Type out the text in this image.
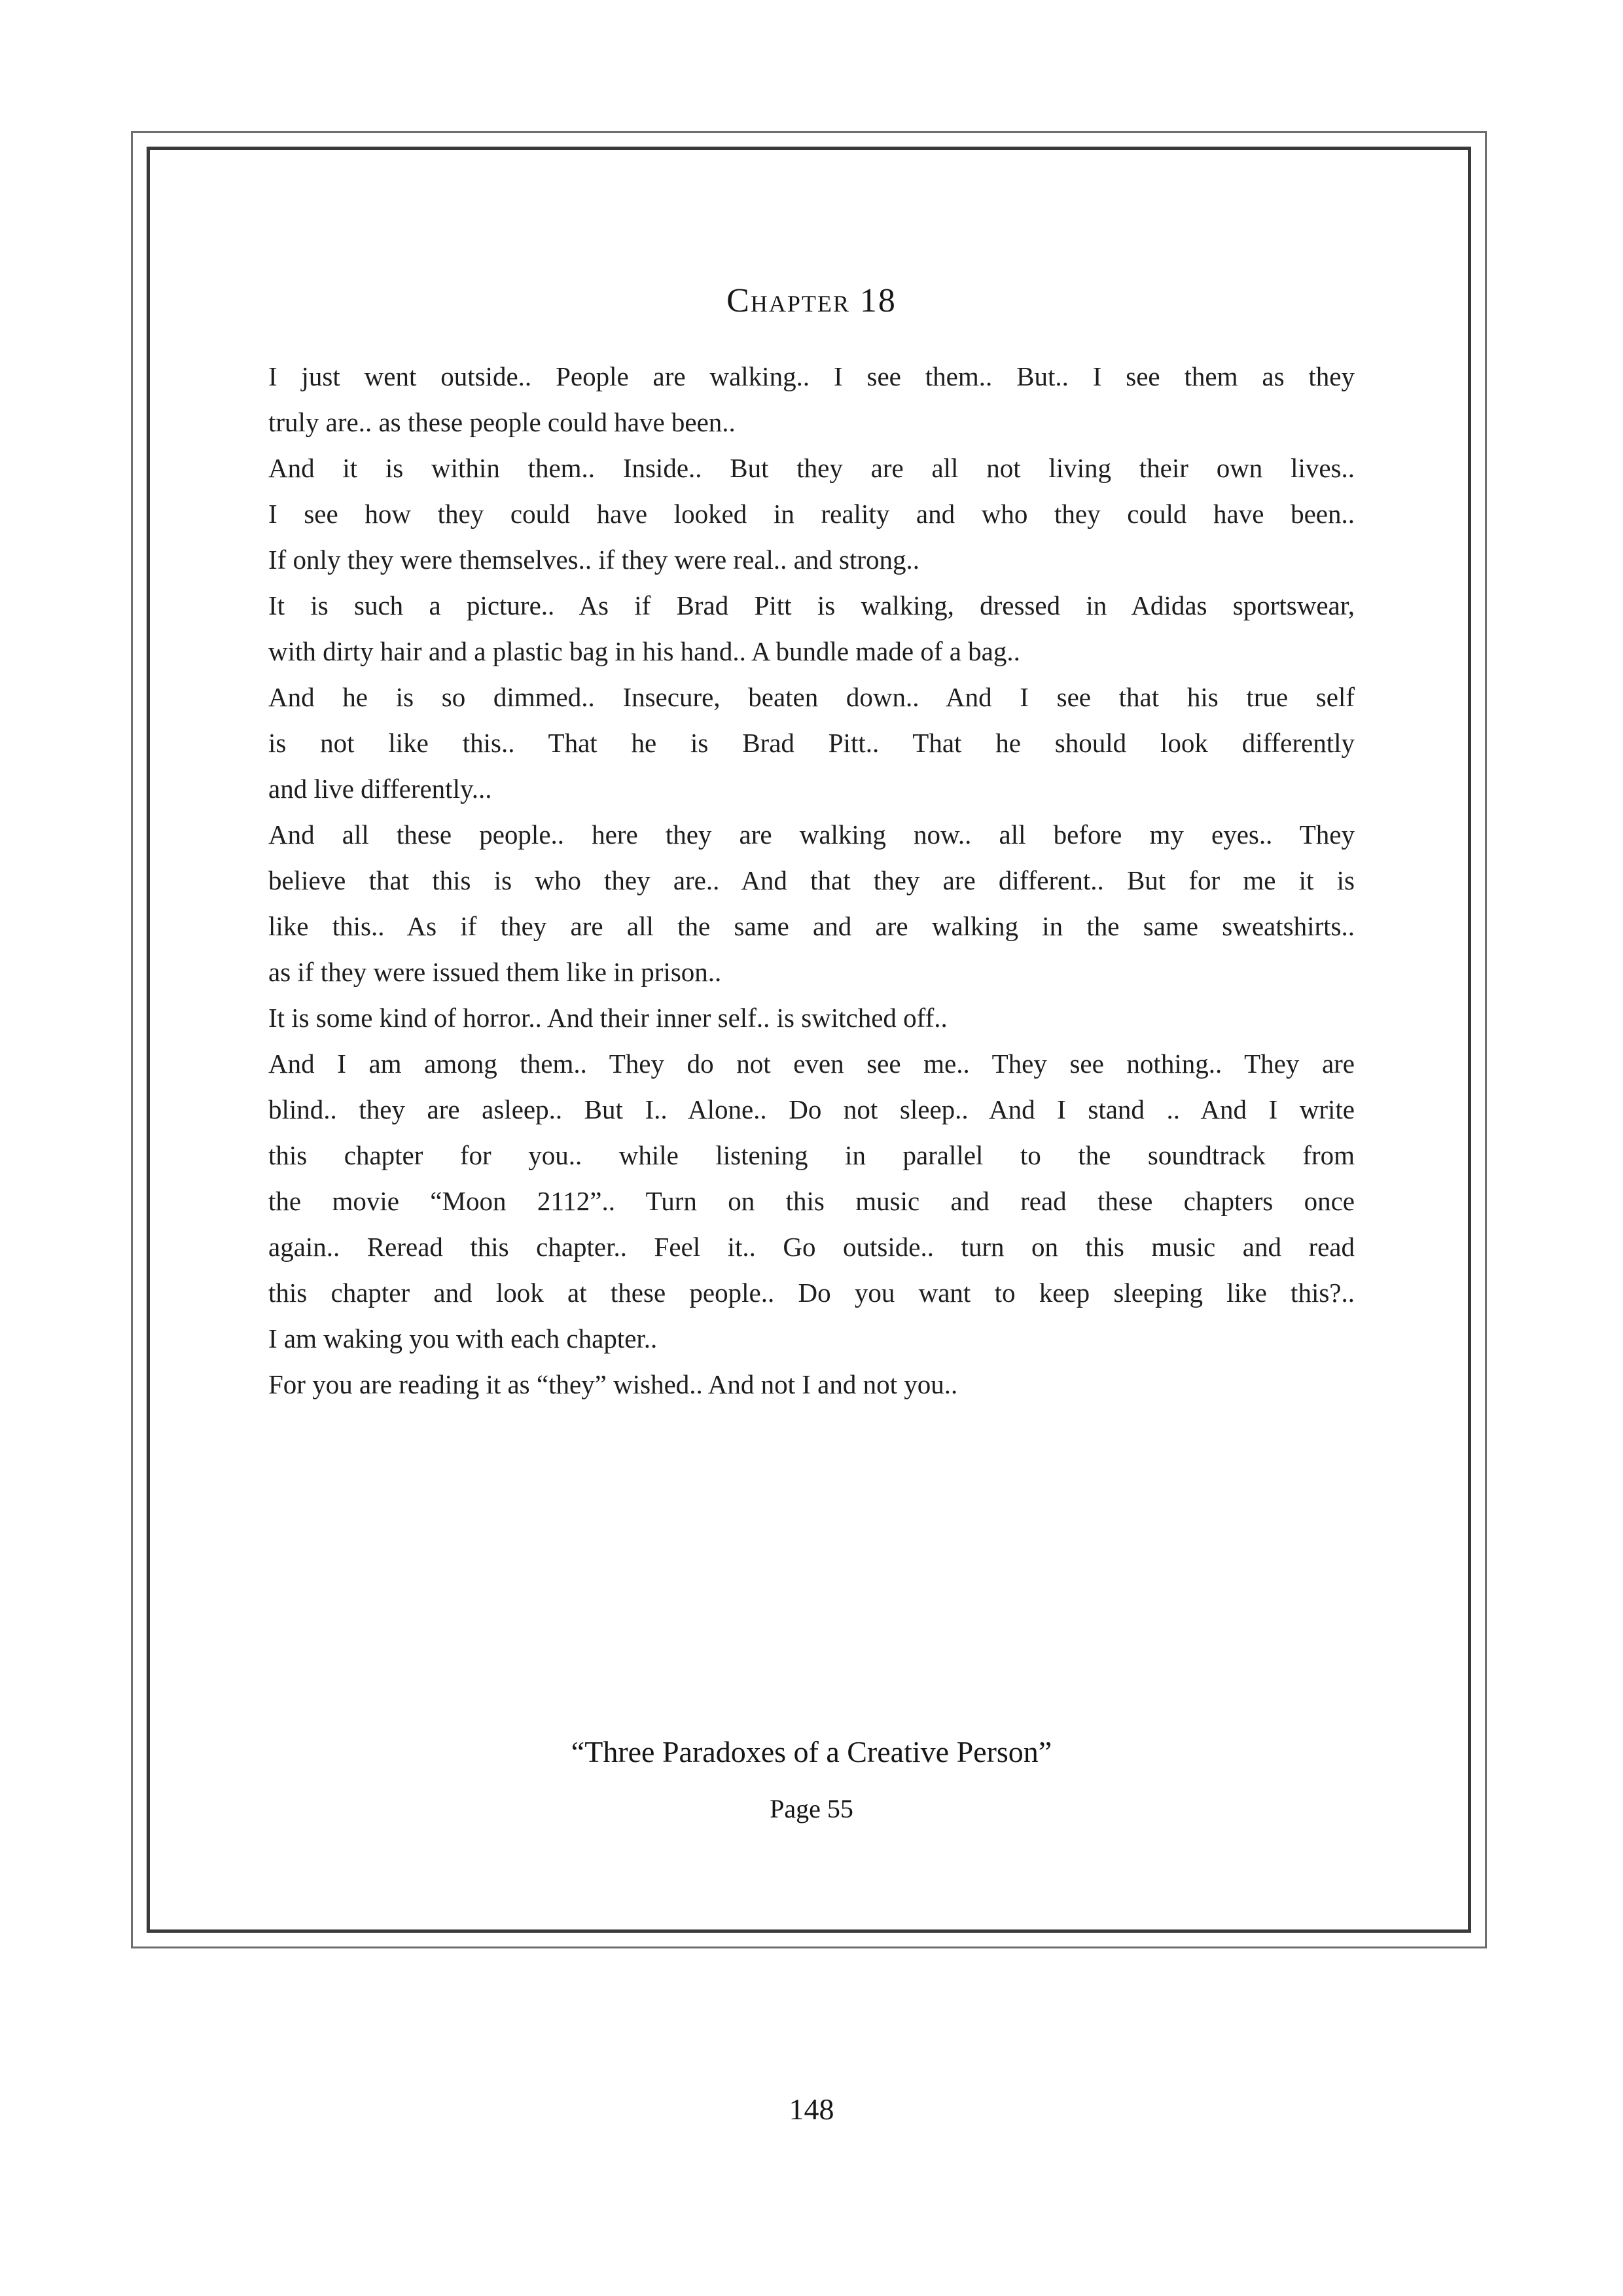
Chapter 18
I just went outside.. People are walking.. I see them.. But.. I see them as they
truly are.. as these people could have been..
And it is within them.. Inside.. But they are all not living their own lives..
I see how they could have looked in reality and who they could have been..
If only they were themselves.. if they were real.. and strong..
It is such a picture.. As if Brad Pitt is walking, dressed in Adidas sportswear,
with dirty hair and a plastic bag in his hand.. A bundle made of a bag..
And he is so dimmed.. Insecure, beaten down.. And I see that his true self
is not like this.. That he is Brad Pitt.. That he should look differently
and live differently...
And all these people.. here they are walking now.. all before my eyes.. They
believe that this is who they are.. And that they are different.. But for me it is
like this.. As if they are all the same and are walking in the same sweatshirts..
as if they were issued them like in prison..
It is some kind of horror.. And their inner self.. is switched off..
And I am among them.. They do not even see me.. They see nothing.. They are
blind.. they are asleep.. But I.. Alone.. Do not sleep.. And I stand .. And I write
this chapter for you.. while listening in parallel to the soundtrack from
the movie “Moon 2112”.. Turn on this music and read these chapters once
again.. Reread this chapter.. Feel it.. Go outside.. turn on this music and read
this chapter and look at these people.. Do you want to keep sleeping like this?..
I am waking you with each chapter..
For you are reading it as “they” wished.. And not I and not you..
“Three Paradoxes of a Creative Person”
Page 55
148
